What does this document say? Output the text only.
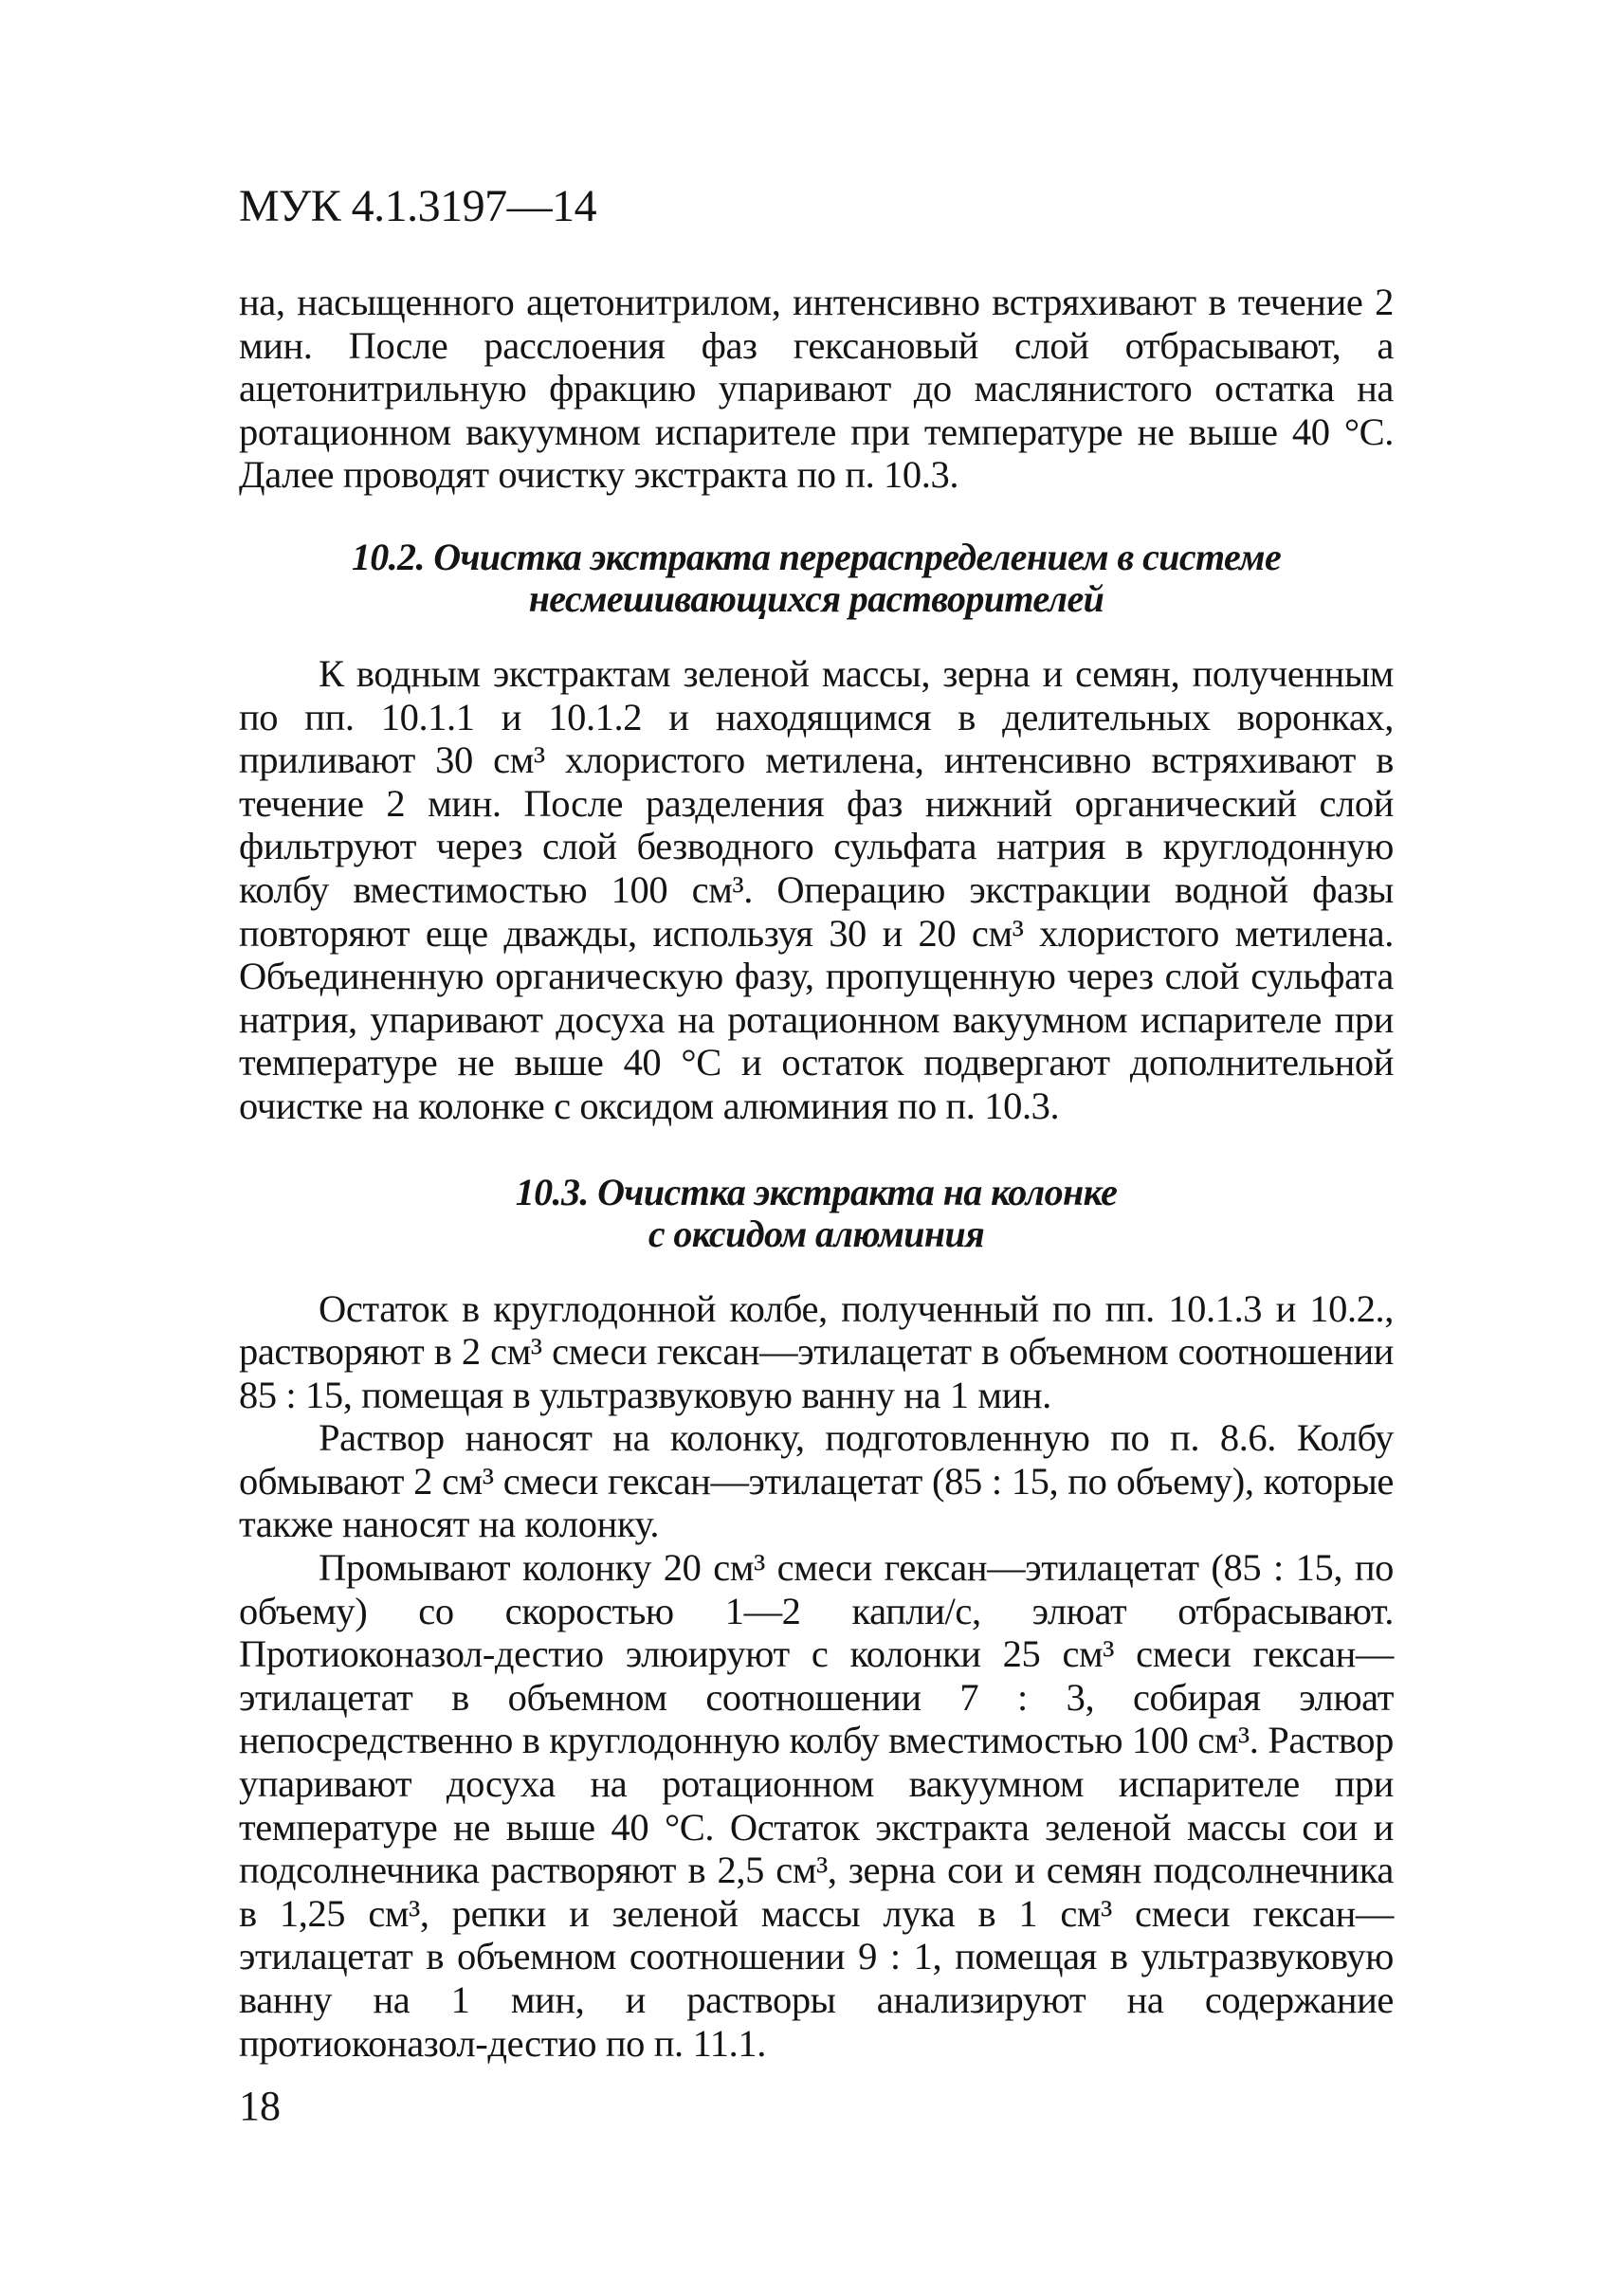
МУК 4.1.3197—14

на, насыщенного ацетонитрилом, интенсивно встряхивают в течение 2 мин. После расслоения фаз гексановый слой отбрасывают, а ацетонитрильную фракцию упаривают до маслянистого остатка на ротационном вакуумном испарителе при температуре не выше 40 °С. Далее проводят очистку экстракта по п. 10.3.

10.2. Очистка экстракта перераспределением в системе
несмешивающихся растворителей

К водным экстрактам зеленой массы, зерна и семян, полученным по пп. 10.1.1 и 10.1.2 и находящимся в делительных воронках, приливают 30 см³ хлористого метилена, интенсивно встряхивают в течение 2 мин. После разделения фаз нижний органический слой фильтруют через слой безводного сульфата натрия в круглодонную колбу вместимостью 100 см³. Операцию экстракции водной фазы повторяют еще дважды, используя 30 и 20 см³ хлористого метилена. Объединенную органическую фазу, пропущенную через слой сульфата натрия, упаривают досуха на ротационном вакуумном испарителе при температуре не выше 40 °С и остаток подвергают дополнительной очистке на колонке с оксидом алюминия по п. 10.3.

10.3. Очистка экстракта на колонке
с оксидом алюминия

Остаток в круглодонной колбе, полученный по пп. 10.1.3 и 10.2., растворяют в 2 см³ смеси гексан—этилацетат в объемном соотношении 85 : 15, помещая в ультразвуковую ванну на 1 мин.

Раствор наносят на колонку, подготовленную по п. 8.6. Колбу обмывают 2 см³ смеси гексан—этилацетат (85 : 15, по объему), которые также наносят на колонку.

Промывают колонку 20 см³ смеси гексан—этилацетат (85 : 15, по объему) со скоростью 1—2 капли/с, элюат отбрасывают. Протиоконазол-дестио элюируют с колонки 25 см³ смеси гексан—этилацетат в объемном соотношении 7 : 3, собирая элюат непосредственно в круглодонную колбу вместимостью 100 см³. Раствор упаривают досуха на ротационном вакуумном испарителе при температуре не выше 40 °С. Остаток экстракта зеленой массы сои и подсолнечника растворяют в 2,5 см³, зерна сои и семян подсолнечника в 1,25 см³, репки и зеленой массы лука в 1 см³ смеси гексан—этилацетат в объемном соотношении 9 : 1, помещая в ультразвуковую ванну на 1 мин, и растворы анализируют на содержание протиоконазол-дестио по п. 11.1.

18
